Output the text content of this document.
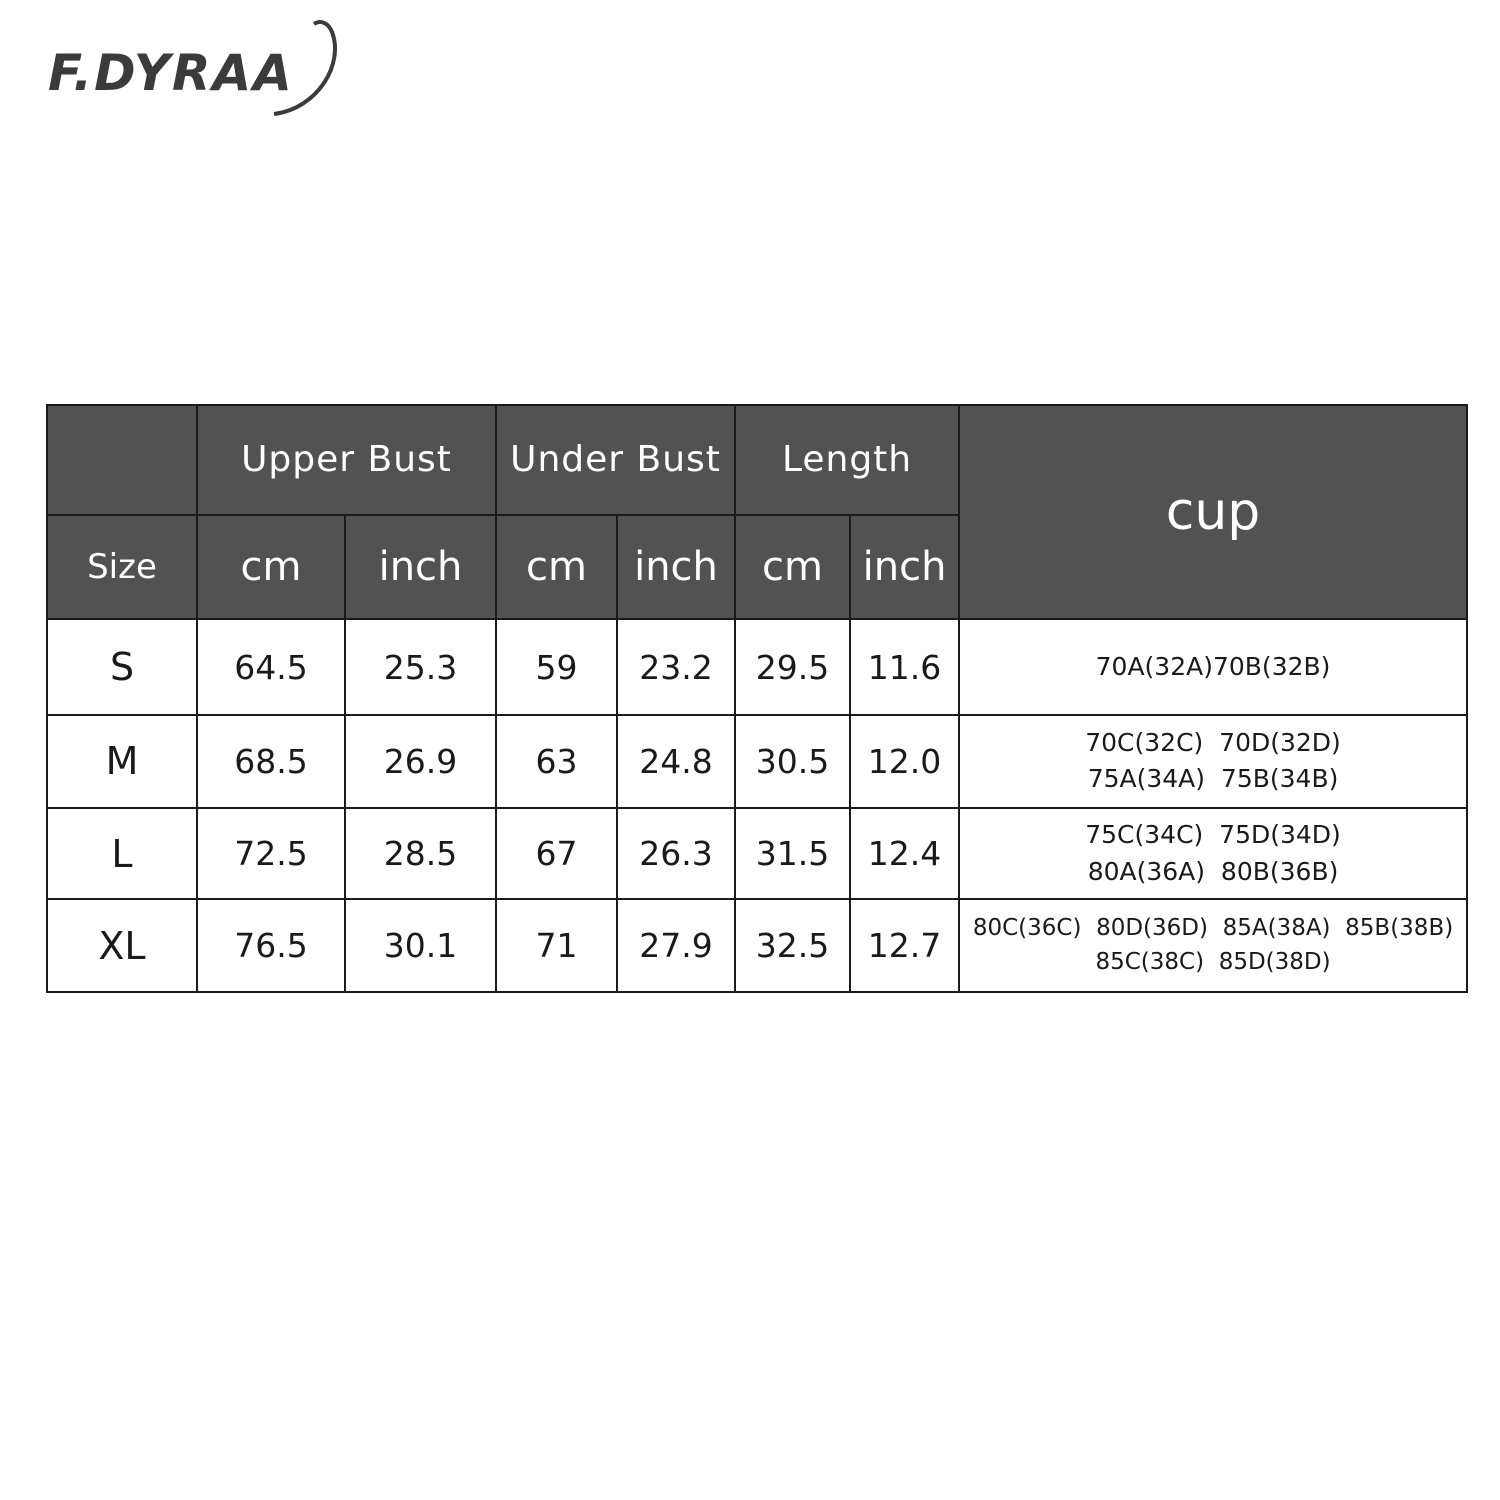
F.DYRAA
	Upper Bust		Under Bust		Length		cup
Size	cm	inch	cm	inch	cm	inch	
S	64.5	25.3	59	23.2	29.5	11.6	70A(32A)70B(32B)

M	68.5	26.9	63	24.8	30.5	12.0	70C(32C)  70D(32D)
75A(34A)  75B(34B)

L	72.5	28.5	67	26.3	31.5	12.4	75C(34C)  75D(34D)
80A(36A)  80B(36B)

XL	76.5	30.1	71	27.9	32.5	12.7	80C(36C)  80D(36D)  85A(38A)  85B(38B)
85C(38C)  85D(38D)
